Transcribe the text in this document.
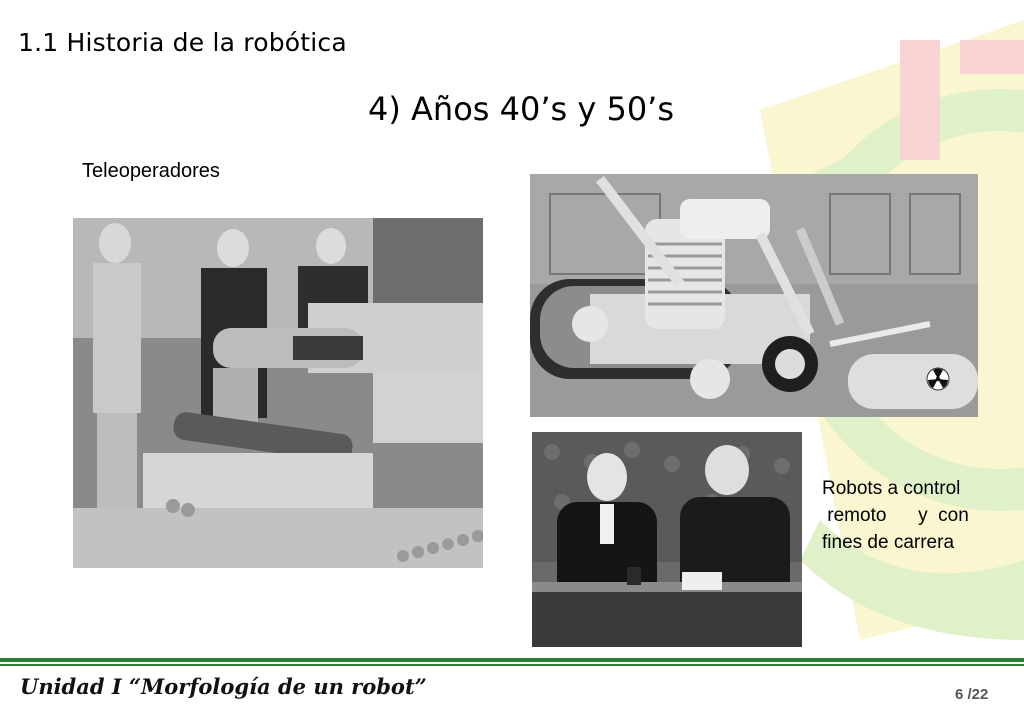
1.1 Historia de la robótica
4) Años 40’s y 50’s
Teleoperadores
Robots a control
remoto      y  con
fines de carrera
Unidad I “Morfología de un robot”	6 /22
